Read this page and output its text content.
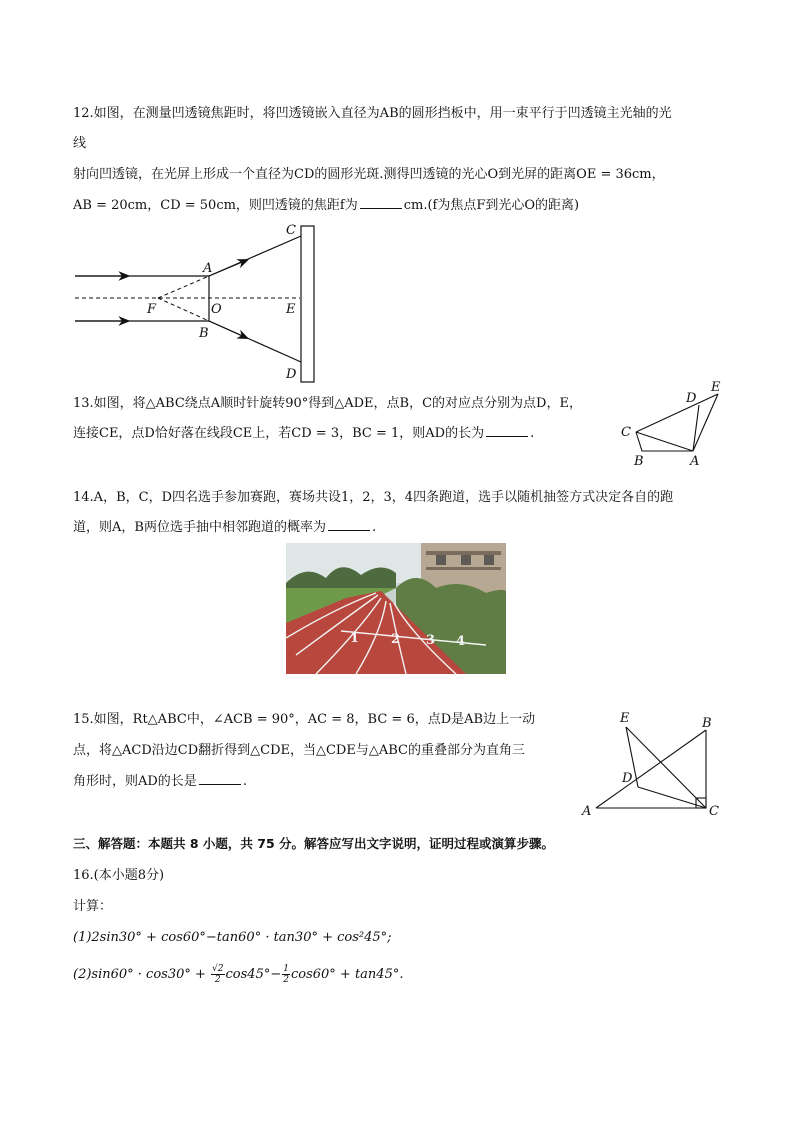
12.如图，在测量凹透镜焦距时，将凹透镜嵌入直径为AB的圆形挡板中，用一束平行于凹透镜主光轴的光
线
射向凹透镜，在光屏上形成一个直径为CD的圆形光斑.测得凹透镜的光心O到光屏的距离OE = 36cm，
AB = 20cm，CD = 50cm，则凹透镜的焦距f为	cm.(f为焦点F到光心O的距离)
C
A
F	O	E
B
D
13.如图，将△ABC绕点A顺时针旋转90°得到△ADE，点B，C的对应点分别为点D，E，
连接CE，点D恰好落在线段CE上，若CD = 3，BC = 1，则AD的长为	.
E
D
C
B	A
14.A，B，C，D四名选手参加赛跑，赛场共设1，2，3，4四条跑道，选手以随机抽签方式决定各自的跑
道，则A，B两位选手抽中相邻跑道的概率为	.
1 2 3 4
15.如图，Rt△ABC中，∠ACB = 90°，AC = 8，BC = 6，点D是AB边上一动
点，将△ACD沿边CD翻折得到△CDE，当△CDE与△ABC的重叠部分为直角三
角形时，则AD的长是	.
E	B
D
A	C
三、解答题：本题共 8 小题，共 75 分。解答应写出文字说明，证明过程或演算步骤。
16.(本小题8分)
计算：
(1)2sin30° + cos60°−tan60° · tan30° + cos²45°;
$(2)\sin 60^\circ \cdot \cos 30^\circ + \frac{√2}{2} \cos 45^\circ- \frac{1}{2} \cos 60^\circ + \tan 45^\circ$.
